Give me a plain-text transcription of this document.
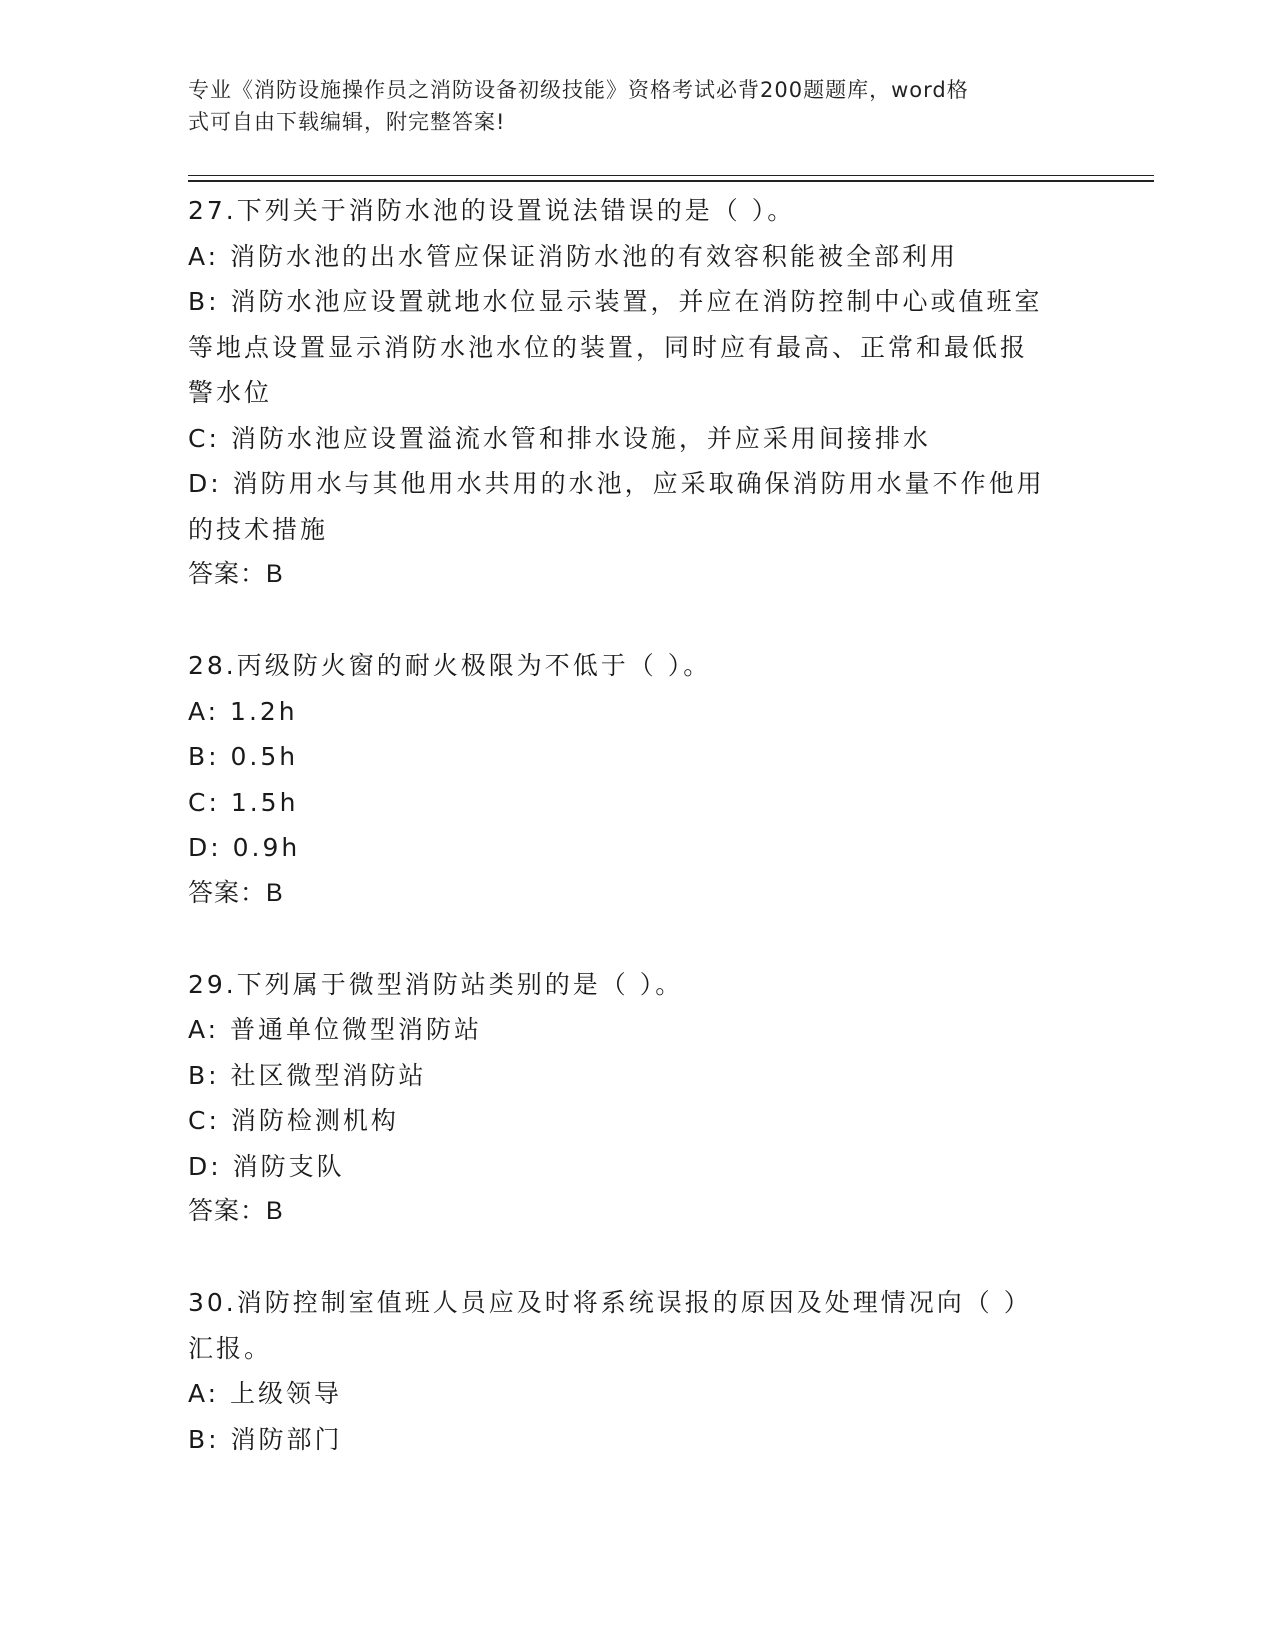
专业《消防设施操作员之消防设备初级技能》资格考试必背200题题库，word格
式可自由下载编辑，附完整答案!
27.下列关于消防水池的设置说法错误的是（ ）。
A: 消防水池的出水管应保证消防水池的有效容积能被全部利用
B: 消防水池应设置就地水位显示装置，并应在消防控制中心或值班室
等地点设置显示消防水池水位的装置，同时应有最高、正常和最低报
警水位
C: 消防水池应设置溢流水管和排水设施，并应采用间接排水
D: 消防用水与其他用水共用的水池，应采取确保消防用水量不作他用
的技术措施
答案：B
28.丙级防火窗的耐火极限为不低于（ ）。
A: 1.2h
B: 0.5h
C: 1.5h
D: 0.9h
答案：B
29.下列属于微型消防站类别的是（ ）。
A: 普通单位微型消防站
B: 社区微型消防站
C: 消防检测机构
D: 消防支队
答案：B
30.消防控制室值班人员应及时将系统误报的原因及处理情况向（ ）
汇报。
A: 上级领导
B: 消防部门
